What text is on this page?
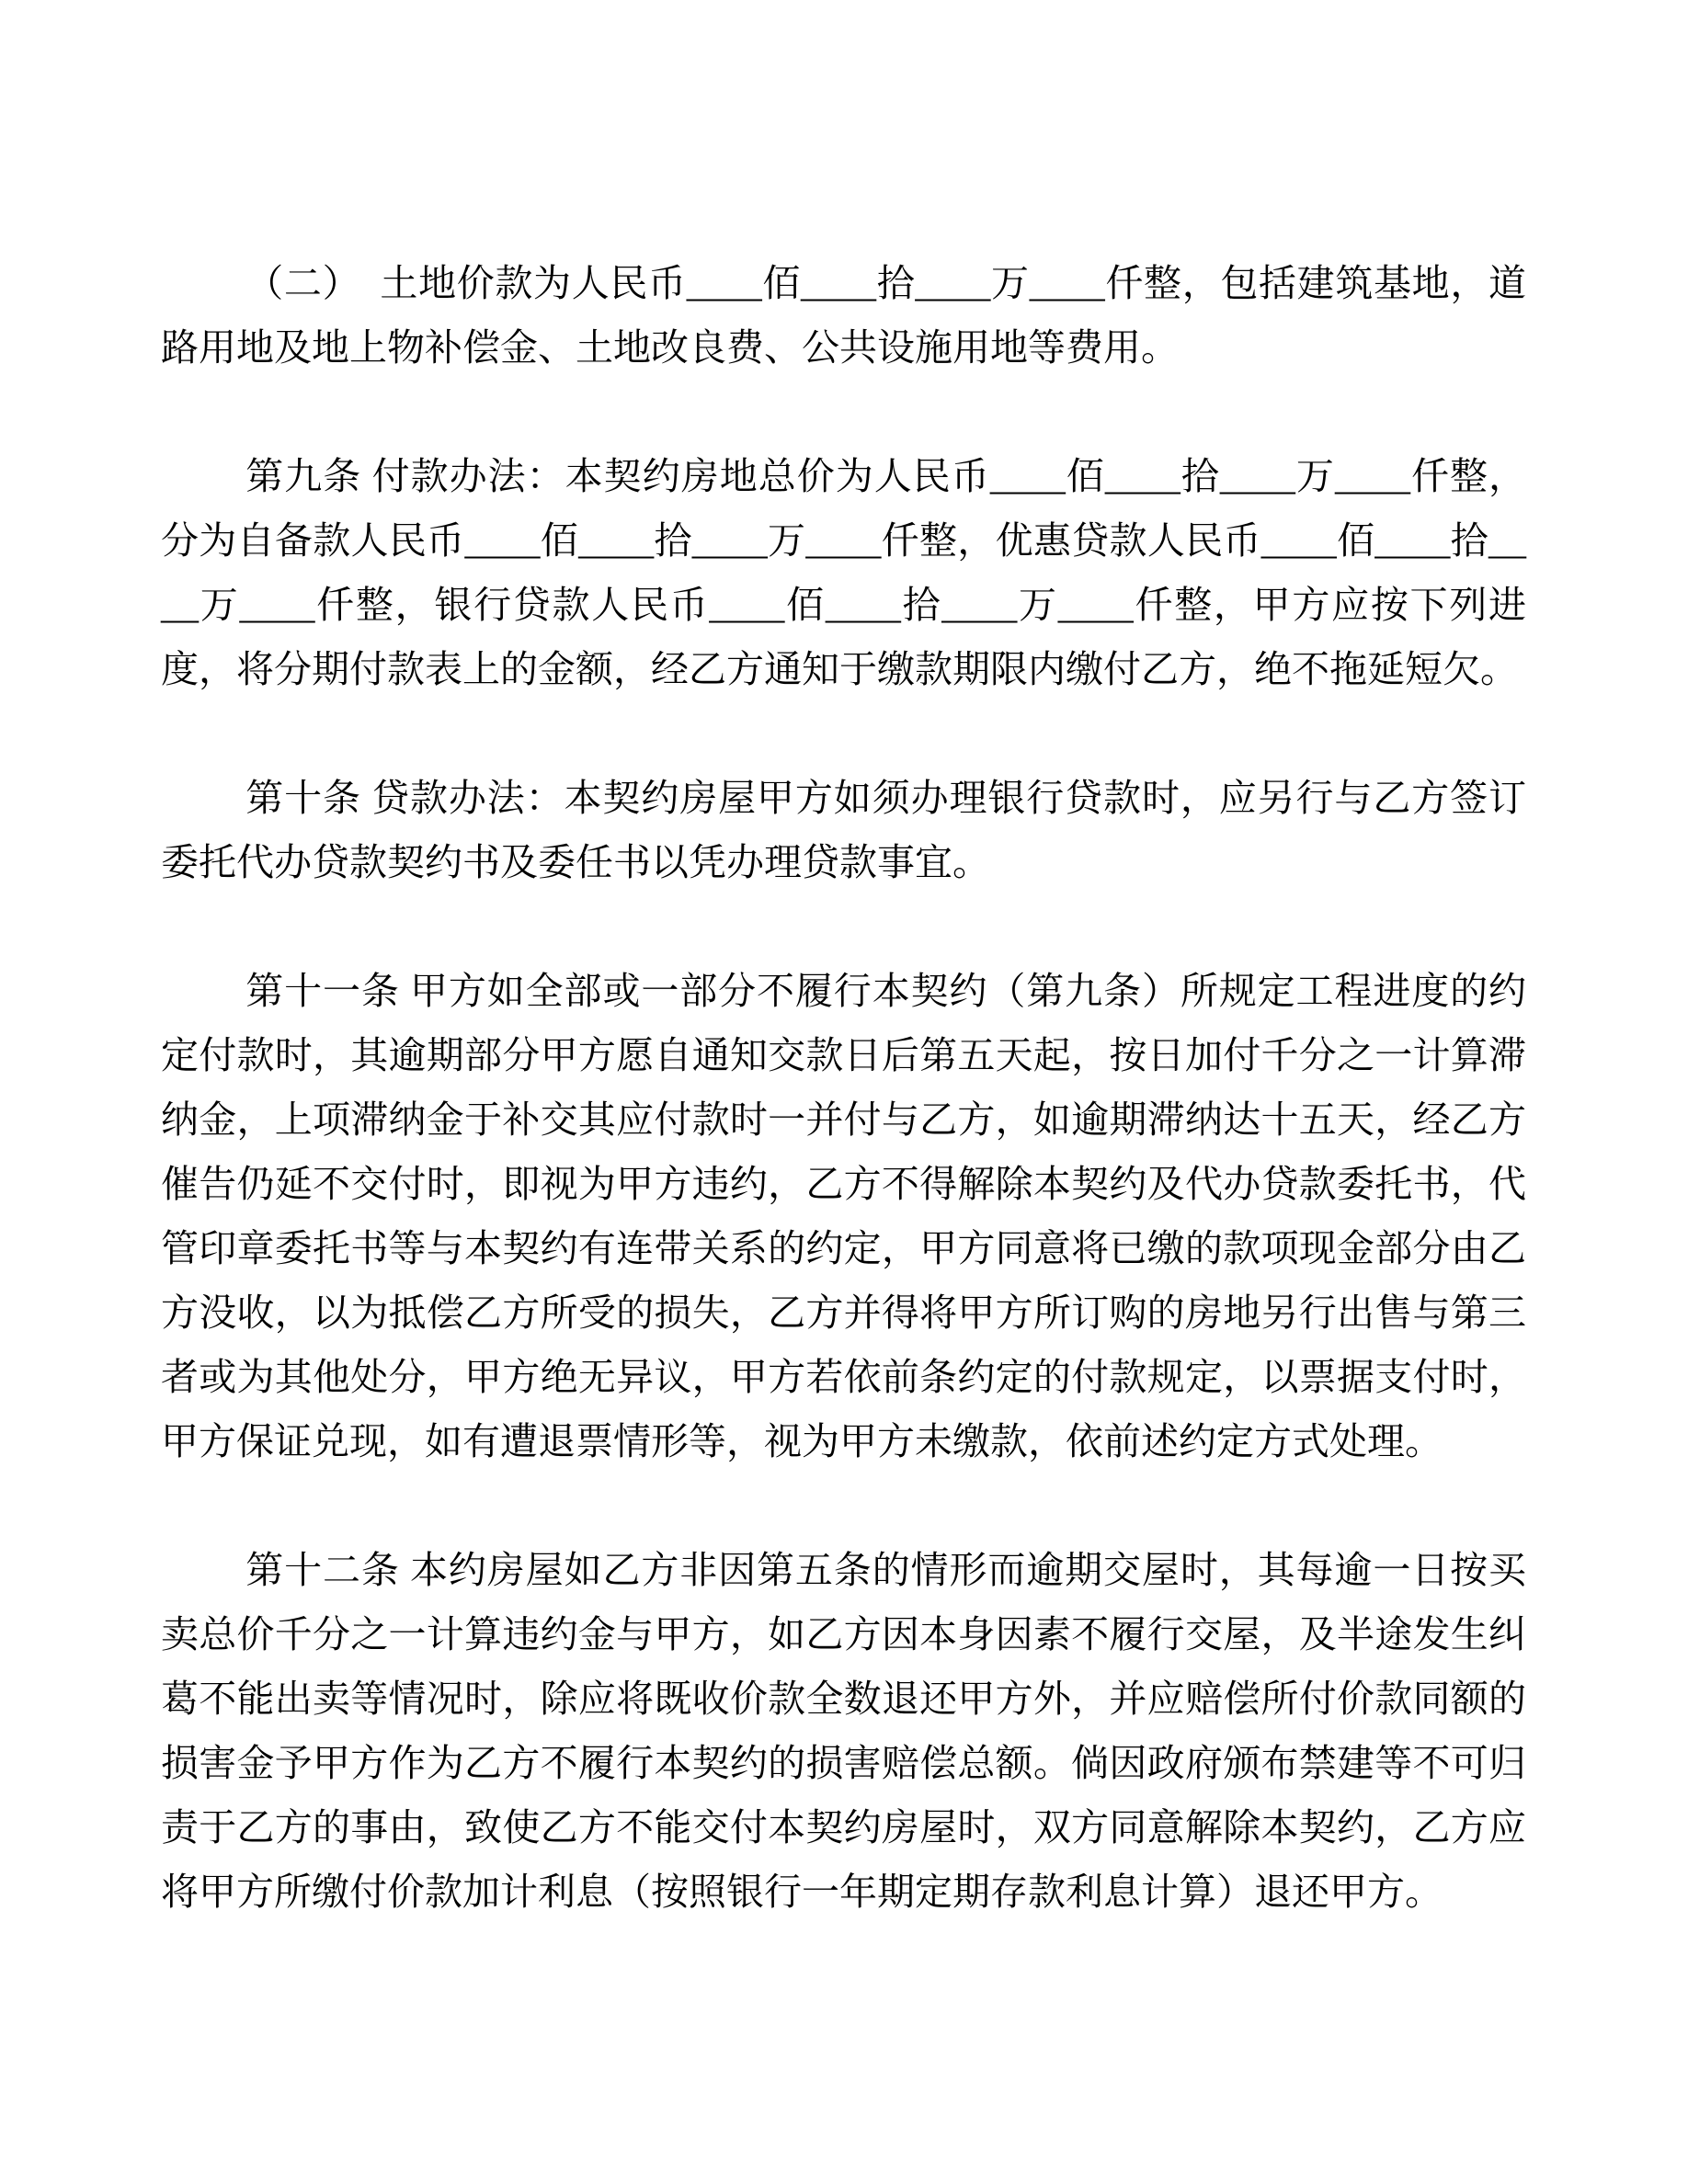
（二）　土地价款为人民币____佰____拾____万____仟整，包括建筑基地，道路用地及地上物补偿金、土地改良费、公共设施用地等费用。

第九条 付款办法：本契约房地总价为人民币____佰____拾____万____仟整，分为自备款人民币____佰____拾____万____仟整，优惠贷款人民币____佰____拾____万____仟整，银行贷款人民币____佰____拾____万____仟整，甲方应按下列进度，将分期付款表上的金额，经乙方通知于缴款期限内缴付乙方，绝不拖延短欠。

第十条 贷款办法：本契约房屋甲方如须办理银行贷款时，应另行与乙方签订委托代办贷款契约书及委任书以凭办理贷款事宜。

第十一条 甲方如全部或一部分不履行本契约（第九条）所规定工程进度的约定付款时，其逾期部分甲方愿自通知交款日后第五天起，按日加付千分之一计算滞纳金，上项滞纳金于补交其应付款时一并付与乙方，如逾期滞纳达十五天，经乙方催告仍延不交付时，即视为甲方违约，乙方不得解除本契约及代办贷款委托书，代管印章委托书等与本契约有连带关系的约定，甲方同意将已缴的款项现金部分由乙方没收，以为抵偿乙方所受的损失，乙方并得将甲方所订购的房地另行出售与第三者或为其他处分，甲方绝无异议，甲方若依前条约定的付款规定，以票据支付时，甲方保证兑现，如有遭退票情形等，视为甲方未缴款，依前述约定方式处理。

第十二条 本约房屋如乙方非因第五条的情形而逾期交屋时，其每逾一日按买卖总价千分之一计算违约金与甲方，如乙方因本身因素不履行交屋，及半途发生纠葛不能出卖等情况时，除应将既收价款全数退还甲方外，并应赔偿所付价款同额的损害金予甲方作为乙方不履行本契约的损害赔偿总额。倘因政府颁布禁建等不可归责于乙方的事由，致使乙方不能交付本契约房屋时，双方同意解除本契约，乙方应将甲方所缴付价款加计利息（按照银行一年期定期存款利息计算）退还甲方。
